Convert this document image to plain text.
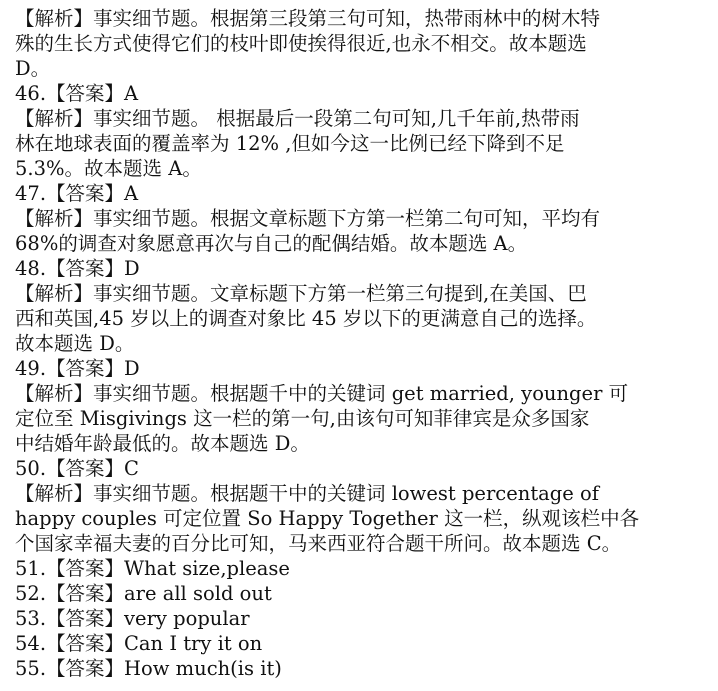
【解析】事实细节题。根据第三段第三句可知，热带雨林中的树木特
殊的生长方式使得它们的枝叶即使挨得很近,也永不相交。故本题选
D。
46.【答案】A
【解析】事实细节题。 根据最后一段第二句可知,几千年前,热带雨
林在地球表面的覆盖率为 12% ,但如今这一比例已经下降到不足
5.3%。故本题选 A。
47.【答案】A
【解析】事实细节题。根据文章标题下方第一栏第二句可知，平均有
68%的调查对象愿意再次与自己的配偶结婚。故本题选 A。
48.【答案】D
【解析】事实细节题。文章标题下方第一栏第三句提到,在美国、巴
西和英国,45 岁以上的调查对象比 45 岁以下的更满意自己的选择。
故本题选 D。
49.【答案】D
【解析】事实细节题。根据题千中的关键词 get married, younger 可
定位至 Misgivings 这一栏的第一句,由该句可知菲律宾是众多国家
中结婚年龄最低的。故本题选 D。
50.【答案】C
【解析】事实细节题。根据题干中的关键词 lowest percentage of
happy couples 可定位置 So Happy Together 这一栏，纵观该栏中各
个国家幸福夫妻的百分比可知，马来西亚符合题干所问。故本题选 C。
51.【答案】What size,please
52.【答案】are all sold out
53.【答案】very popular
54.【答案】Can I try it on
55.【答案】How much(is it)
